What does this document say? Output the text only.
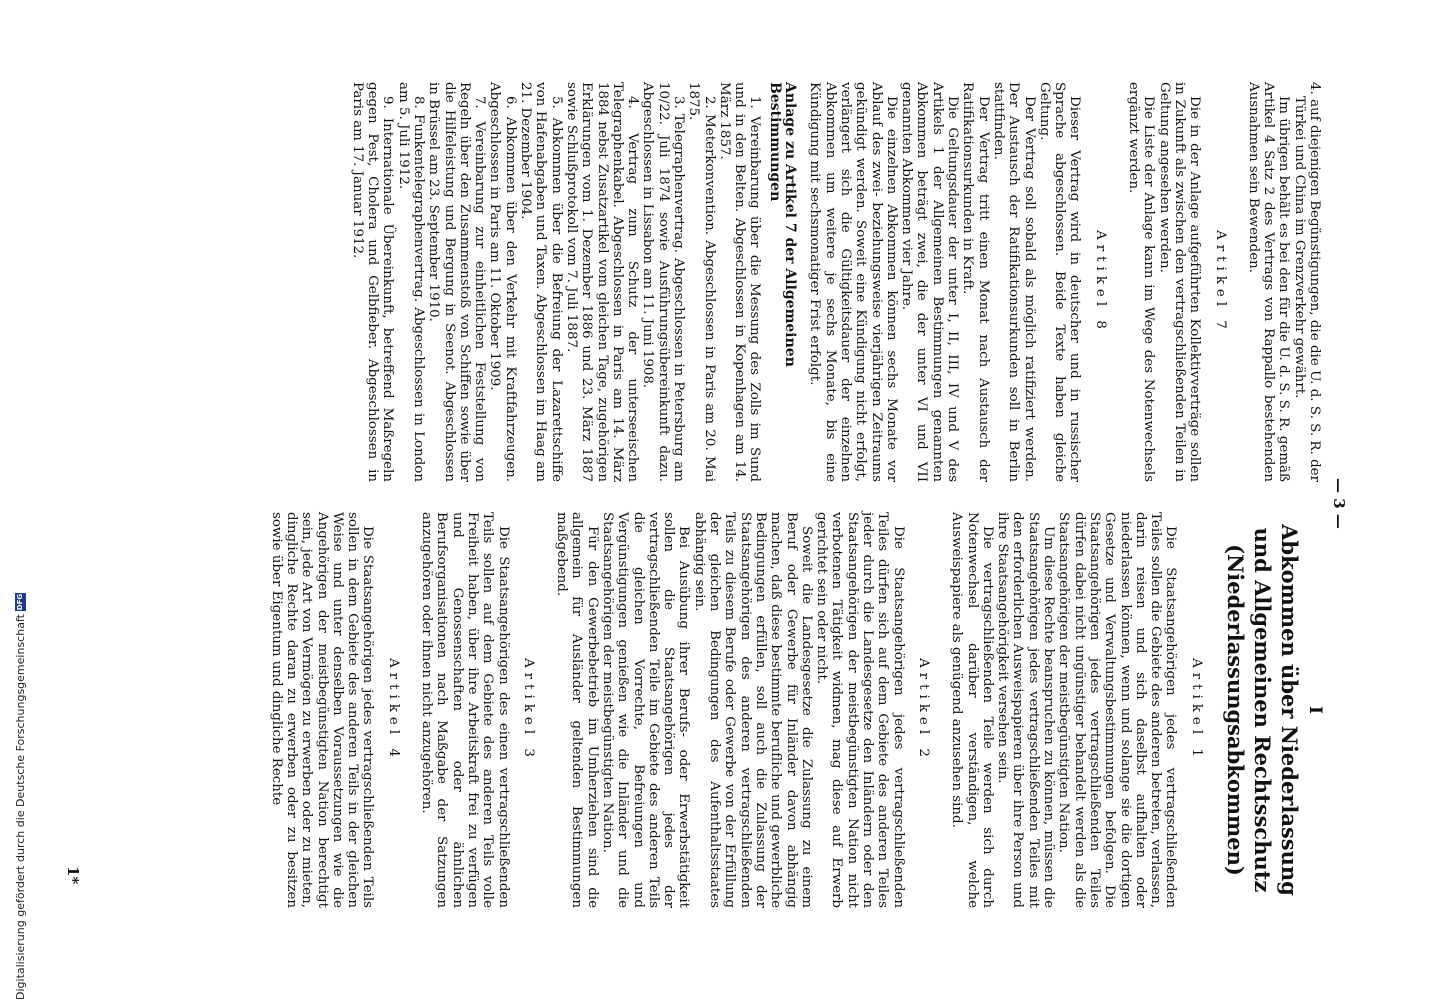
— 3 —
4. auf diejenigen Begünstigungen, die die U. d. S. S. R. der Türkei und China im Grenzverkehr gewährt.
Im übrigen behält es bei den für die U. d. S. S. R. gemäß Artikel 4 Satz 2 des Vertrags von Rappallo bestehenden Ausnahmen sein Bewenden.
Artikel 7
Die in der Anlage aufgeführten Kollektivverträge sollen in Zukunft als zwischen den vertragschließenden Teilen in Geltung angesehen werden.
Die Liste der Anlage kann im Wege des Notenwechsels ergänzt werden.
Artikel 8
Dieser Vertrag wird in deutscher und in russischer Sprache abgeschlossen. Beide Texte haben gleiche Geltung.
Der Vertrag soll sobald als möglich ratifiziert werden. Der Austausch der Ratifikationsurkunden soll in Berlin stattfinden.
Der Vertrag tritt einen Monat nach Austausch der Ratifikationsurkunden in Kraft.
Die Geltungsdauer der unter I, II, III, IV und V des Artikels 1 der Allgemeinen Bestimmungen genannten Abkommen beträgt zwei, die der unter VI und VII genannten Abkommen vier Jahre.
Die einzelnen Abkommen können sechs Monate vor Ablauf des zwei- beziehungsweise vierjährigen Zeitraums gekündigt werden. Soweit eine Kündigung nicht erfolgt, verlängert sich die Gültigkeitsdauer der einzelnen Abkommen um weitere je sechs Monate, bis eine Kündigung mit sechsmonatiger Frist erfolgt.
Anlage zu Artikel 7 der Allgemeinen Bestimmungen
1. Vereinbarung über die Messung des Zolls im Sund und in den Belten. Abgeschlossen in Kopenhagen am 14. März 1857.
2. Meterkonvention. Abgeschlossen in Paris am 20. Mai 1875.
3. Telegraphenvertrag. Abgeschlossen in Petersburg am 10/22. Juli 1874 sowie Ausführungsübereinkunft dazu. Abgeschlossen in Lissabon am 11. Juni 1908.
4. Vertrag zum Schutz der unterseeischen Telegraphenkabel. Abgeschlossen in Paris am 14. März 1884 nebst Zusatzartikel vom gleichen Tage, zugehörigen Erklärungen vom 1. Dezember 1886 und 23. März 1887 sowie Schlußprotokoll vom 7. Juli 1887.
5. Abkommen über die Befreiung der Lazarettschiffe von Hafenabgaben und Taxen. Abgeschlossen im Haag am 21. Dezember 1904.
6. Abkommen über den Verkehr mit Kraftfahrzeugen. Abgeschlossen in Paris am 11. Oktober 1909.
7. Vereinbarung zur einheitlichen Feststellung von Regeln über den Zusammenstoß von Schiffen sowie über die Hilfeleistung und Bergung in Seenot. Abgeschlossen in Brüssel am 23. September 1910.
8. Funkentelegraphenvertrag. Abgeschlossen in London am 5. Juli 1912.
9. Internationale Übereinkunft, betreffend Maßregeln gegen Pest, Cholera und Gelbfieber. Abgeschlossen in Paris am 17. Januar 1912.
I
Abkommen über Niederlassung und Allgemeinen Rechtsschutz (Niederlassungsabkommen)
Artikel 1
Die Staatsangehörigen jedes vertragschließenden Teiles sollen die Gebiete des anderen betreten, verlassen, darin reisen und sich daselbst aufhalten oder niederlassen können, wenn und solange sie die dortigen Gesetze und Verwaltungsbestimmungen befolgen. Die Staatsangehörigen jedes vertragschließenden Teiles dürfen dabei nicht ungünstiger behandelt werden als die Staatsangehörigen der meistbegünstigten Nation.
Um diese Rechte beanspruchen zu können, müssen die Staatsangehörigen jedes vertragschließenden Teiles mit den erforderlichen Ausweispapieren über ihre Person und ihre Staatsangehörigkeit versehen sein.
Die vertragschließenden Teile werden sich durch Notenwechsel darüber verständigen, welche Ausweispapiere als genügend anzusehen sind.
Artikel 2
Die Staatsangehörigen jedes vertragschließenden Teiles dürfen sich auf dem Gebiete des anderen Teiles jeder durch die Landesgesetze den Inländern oder den Staatsangehörigen der meistbegünstigten Nation nicht verbotenen Tätigkeit widmen, mag diese auf Erwerb gerichtet sein oder nicht.
Soweit die Landesgesetze die Zulassung zu einem Beruf oder Gewerbe für Inländer davon abhängig machen, daß diese bestimmte berufliche und gewerbliche Bedingungen erfüllen, soll auch die Zulassung der Staatsangehörigen des anderen vertragschließenden Teils zu diesem Berufe oder Gewerbe von der Erfüllung der gleichen Bedingungen des Aufenthaltsstaates abhängig sein.
Bei Ausübung ihrer Berufs- oder Erwerbstätigkeit sollen die Staatsangehörigen jedes der vertragschließenden Teile im Gebiete des anderen Teils die gleichen Vorrechte, Befreiungen und Vergünstigungen genießen wie die Inländer und die Staatsangehörigen der meistbegünstigten Nation.
Für den Gewerbebetrieb im Umherziehen sind die allgemein für Ausländer geltenden Bestimmungen maßgebend.
Artikel 3
Die Staatsangehörigen des einen vertragschließenden Teils sollen auf dem Gebiete des anderen Teils volle Freiheit haben, über ihre Arbeitskraft frei zu verfügen und Genossenschaften oder ähnlichen Berufsorganisationen nach Maßgabe der Satzungen anzugehören oder ihnen nicht anzugehören.
Artikel 4
Die Staatsangehörigen jedes vertragschließenden Teils sollen in dem Gebiete des anderen Teils in der gleichen Weise und unter denselben Voraussetzungen wie die Angehörigen der meistbegünstigten Nation berechtigt sein, jede Art von Vermögen zu erwerben oder zu mieten, dingliche Rechte daran zu erwerben oder zu besitzen sowie über Eigentum und dingliche Rechte
1*
Digitalisierung gefördert durch die Deutsche Forschungsgemeinschaft
DFG
